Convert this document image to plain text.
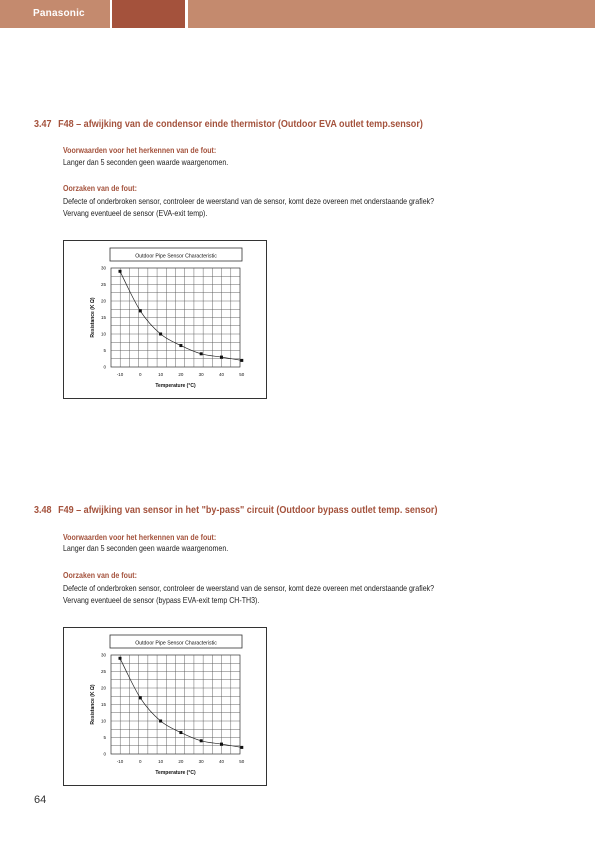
Panasonic
3.47 F48 – afwijking van de condensor einde thermistor (Outdoor EVA outlet temp.sensor)
Voorwaarden voor het herkennen van de fout:
Langer dan 5 seconden geen waarde waargenomen.
Oorzaken van de fout:
Defecte of onderbroken sensor, controleer de weerstand van de sensor, komt deze overeen met onderstaande grafiek?
Vervang eventueel de sensor (EVA-exit temp).
Outdoor Pipe Sensor Characteristic
0
5
10
15
20
25
30
-10	0	10	20	30	40	50
Temperature (°C)
Resistance (K Ω)
3.48 F49 – afwijking van sensor in het "by-pass" circuit (Outdoor bypass outlet temp. sensor)
Voorwaarden voor het herkennen van de fout:
Langer dan 5 seconden geen waarde waargenomen.
Oorzaken van de fout:
Defecte of onderbroken sensor, controleer de weerstand van de sensor, komt deze overeen met onderstaande grafiek?
Vervang eventueel de sensor (bypass EVA-exit temp CH-TH3).
Outdoor Pipe Sensor Characteristic
0
5
10
15
20
25
30
-10	0	10	20	30	40	50
Temperature (°C)
Resistance (K Ω)
64
